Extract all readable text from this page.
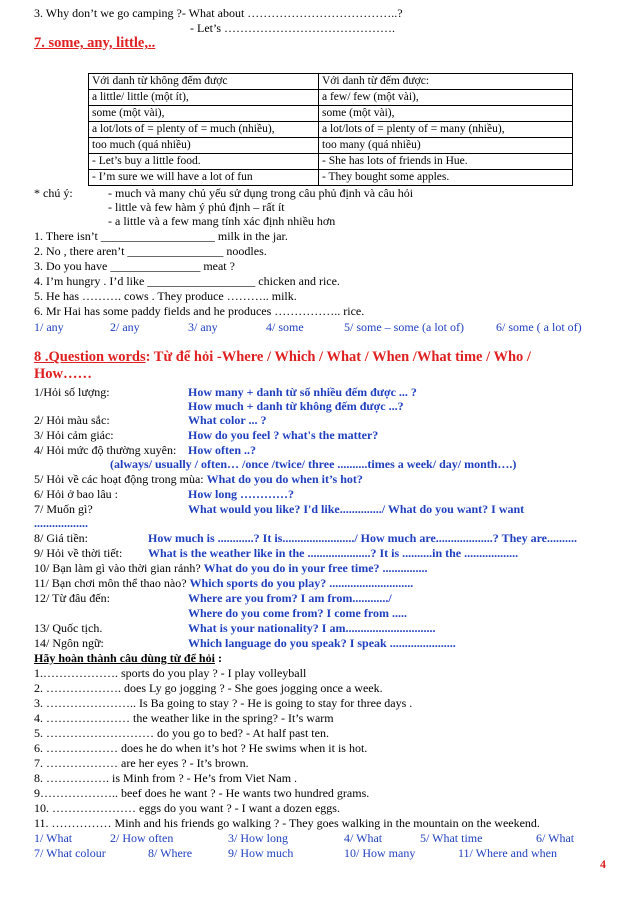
3. Why don’t we go camping ?- What about ………………………………..?
- Let’s …………………………………….
7. some, any, little,..
Với danh từ không đếm được	Với danh từ đếm được:
a little/ little (một ít),	a few/ few (một vài),
some (một vài),	some (một vài),
a lot/lots of = plenty of = much (nhiều),	a lot/lots of = plenty of = many (nhiều),
too much (quá nhiều)	too many (quá nhiều)
- Let’s buy a little food.	- She has lots of friends in Hue.
- I’m sure we will have a lot of fun	- They bought some apples.
* chú ý:	- much và many chủ yếu sử dụng trong câu phủ định và câu hỏi
- little và few hàm ý phủ định – rất ít
- a little và a few mang tính xác định nhiều hơn
1. There isn’t ___________________ milk in the jar.
2. No , there aren’t ________________ noodles.
3. Do you have _______________ meat ?
4. I’m hungry . I’d like __________________ chicken and rice.
5. He has ………. cows . They produce ……….. milk.
6. Mr Hai has some paddy fields and he produces …………….. rice.
1/ any	2/ any	3/ any	4/ some	5/ some – some (a lot of)	6/ some ( a lot of)
8 .Question words: Từ để hỏi -Where / Which / What / When /What time / Who /
How……
1/Hỏi số lượng:	How many + danh từ số nhiều đếm được ... ?
How much + danh từ không đếm được ...?
2/ Hỏi màu sắc:	What color ... ?
3/ Hỏi cảm giác:	How do you feel ? what's the matter?
4/ Hỏi mức độ thường xuyên: How often ..?
(always/ usually / often… /once /twice/ three ..........times a week/ day/ month….)
5/ Hỏi về các hoạt động trong mùa: What do you do when it’s hot?
6/ Hỏi ở bao lâu :	How long …………?
7/ Muốn gì?	What would you like? I'd like............../ What do you want? I want
..................
8/ Giá tiền:	How much is ............? It is......................../ How much are...................? They are..........
9/ Hỏi về thời tiết: What is the weather like in the .....................? It is ..........in the ..................
10/ Bạn làm gì vào thời gian rảnh? What do you do in your free time? ...............
11/ Bạn chơi môn thể thao nào? Which sports do you play? ............................
12/ Từ đâu đến:	Where are you from? I am from............/
Where do you come from? I come from .....
13/ Quốc tịch.	What is your nationality? I am..............................
14/ Ngôn ngữ:	Which language do you speak? I speak ......................
Hãy hoàn thành câu dùng từ để hỏi :
1.………………. sports do you play ? - I play volleyball
2. ………………. does Ly go jogging ? - She goes jogging once a week.
3. ………………….. Is Ba going to stay ? - He is going to stay for three days .
4. ………………… the weather like in the spring? - It’s warm
5. ……………………… do you go to bed? - At half past ten.
6. ……………… does he do when it’s hot ? He swims when it is hot.
7. ……………… are her eyes ? - It’s brown.
8. ……………. is Minh from ? - He’s from Viet Nam .
9……………….. beef does he want ? - He wants two hundred grams.
10. ………………… eggs do you want ? - I want a dozen eggs.
11. …………… Minh and his friends go walking ? - They goes walking in the mountain on the weekend.
1/ What	2/ How often	3/ How long	4/ What	5/ What time	6/ What
7/ What colour	8/ Where	9/ How much	10/ How many	11/ Where and when
4
